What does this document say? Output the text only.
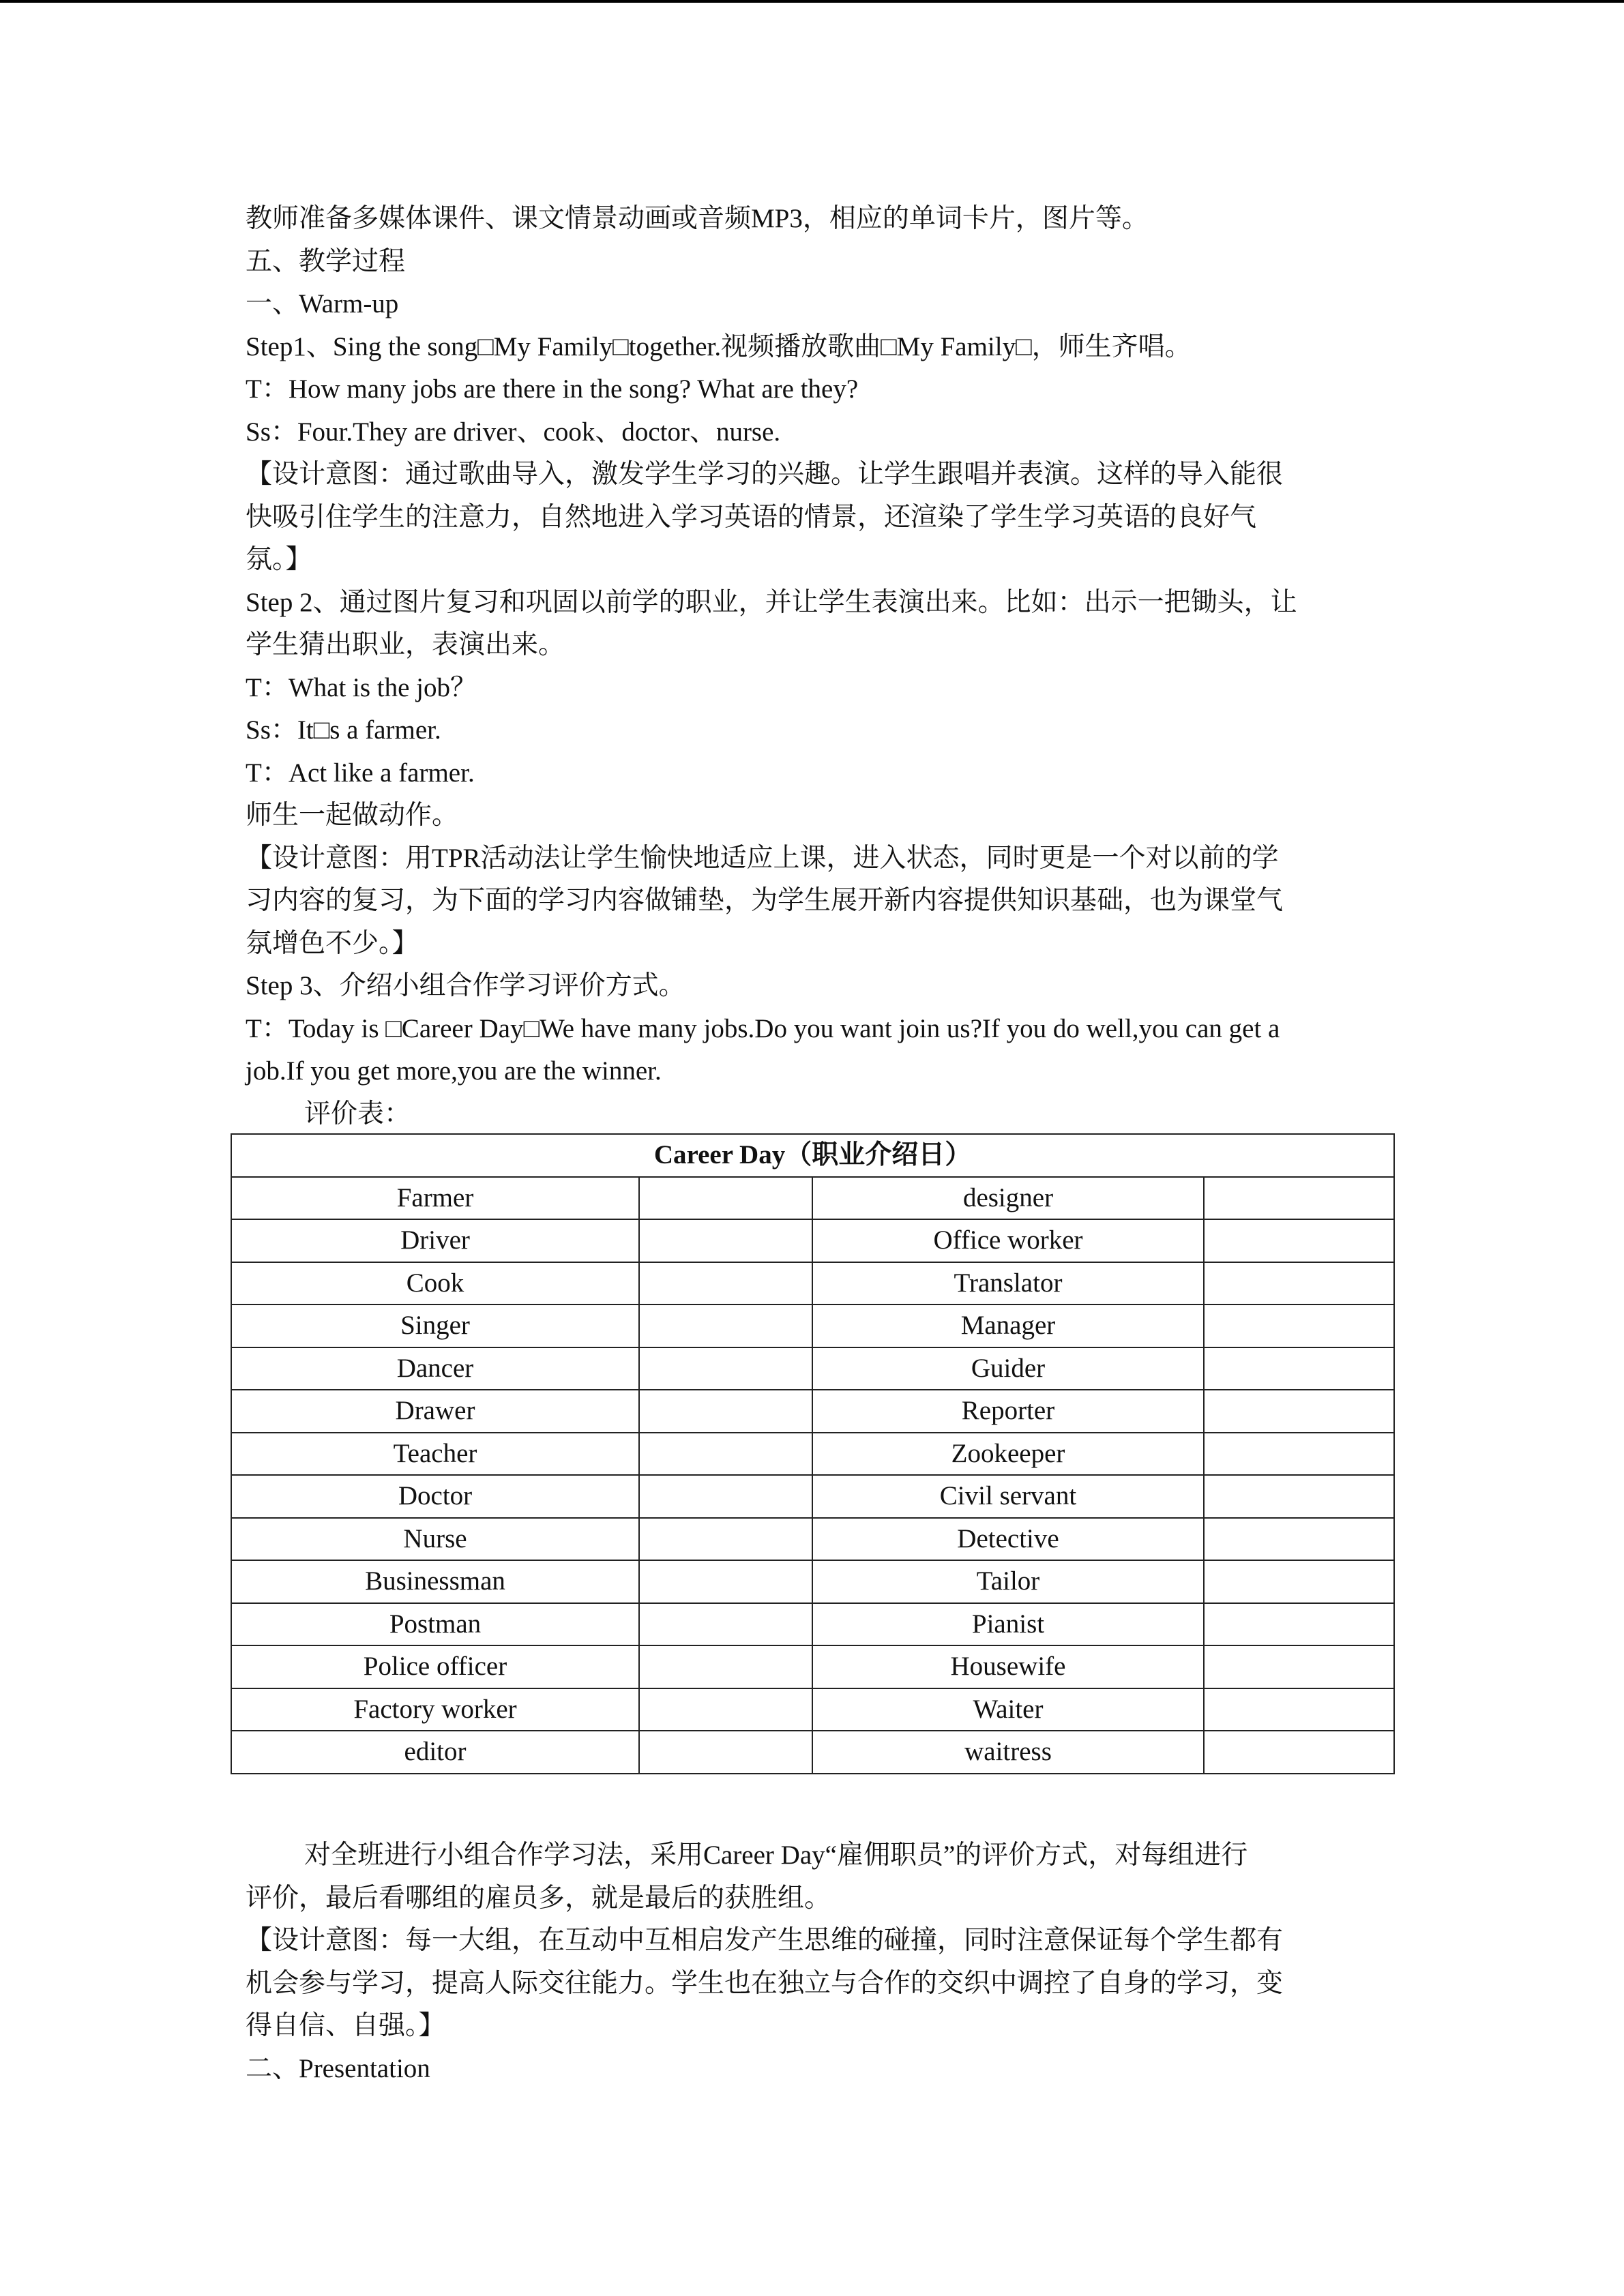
教师准备多媒体课件、课文情景动画或音频MP3，相应的单词卡片，图片等。

五、教学过程

一、Warm-up

Step1、Sing the song□My Family□together.视频播放歌曲□My Family□，师生齐唱。

T：How many jobs are there in the song? What are they?

Ss：Four.They are driver、cook、doctor、nurse.

【设计意图：通过歌曲导入，激发学生学习的兴趣。让学生跟唱并表演。这样的导入能很

快吸引住学生的注意力，自然地进入学习英语的情景，还渲染了学生学习英语的良好气

氛。】

Step 2、通过图片复习和巩固以前学的职业，并让学生表演出来。比如：出示一把锄头，让

学生猜出职业，表演出来。

T：What is the job？

Ss：It□s a farmer.

T：Act like a farmer.

师生一起做动作。

【设计意图：用TPR活动法让学生愉快地适应上课，进入状态，同时更是一个对以前的学

习内容的复习，为下面的学习内容做铺垫，为学生展开新内容提供知识基础，也为课堂气

氛增色不少。】

Step 3、介绍小组合作学习评价方式。

T：Today is □Career Day□We have many jobs.Do you want join us?If you do well,you can get a

job.If you get more,you are the winner.

评价表：

Career Day（职业介绍日）			
Farmer		designer	
Driver		Office worker	
Cook		Translator	
Singer		Manager	
Dancer		Guider	
Drawer		Reporter	
Teacher		Zookeeper	
Doctor		Civil servant	
Nurse		Detective	
Businessman		Tailor	
Postman		Pianist	
Police officer		Housewife	
Factory worker		Waiter	
editor		waitress	

对全班进行小组合作学习法，采用Career Day“雇佣职员”的评价方式，对每组进行

评价，最后看哪组的雇员多，就是最后的获胜组。

【设计意图：每一大组，在互动中互相启发产生思维的碰撞，同时注意保证每个学生都有

机会参与学习，提高人际交往能力。学生也在独立与合作的交织中调控了自身的学习，变

得自信、自强。】

二、Presentation
